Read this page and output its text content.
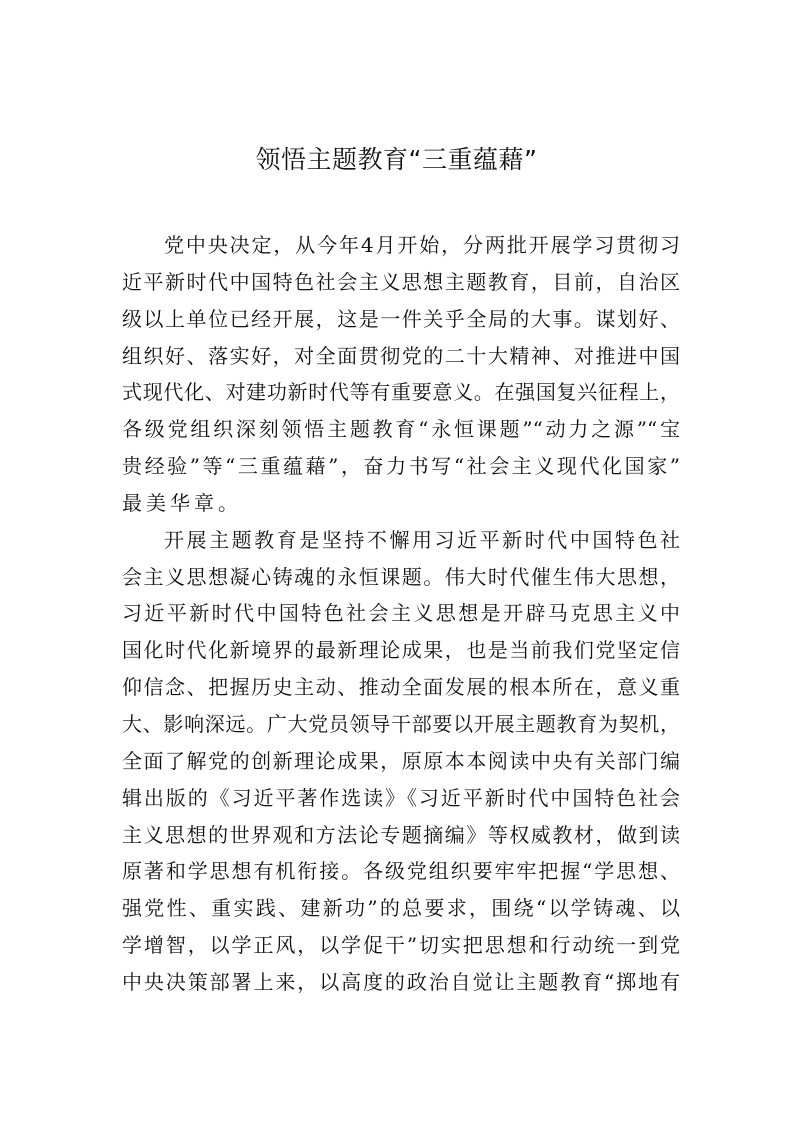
领悟主题教育“三重蕴藉”
党中央决定，从今年4月开始，分两批开展学习贯彻习
近平新时代中国特色社会主义思想主题教育，目前，自治区
级以上单位已经开展，这是一件关乎全局的大事。谋划好、
组织好、落实好，对全面贯彻党的二十大精神、对推进中国
式现代化、对建功新时代等有重要意义。在强国复兴征程上，
各级党组织深刻领悟主题教育“永恒课题”“动力之源”“宝
贵经验”等“三重蕴藉”，奋力书写“社会主义现代化国家”
最美华章。
开展主题教育是坚持不懈用习近平新时代中国特色社
会主义思想凝心铸魂的永恒课题。伟大时代催生伟大思想，
习近平新时代中国特色社会主义思想是开辟马克思主义中
国化时代化新境界的最新理论成果，也是当前我们党坚定信
仰信念、把握历史主动、推动全面发展的根本所在，意义重
大、影响深远。广大党员领导干部要以开展主题教育为契机，
全面了解党的创新理论成果，原原本本阅读中央有关部门编
辑出版的《习近平著作选读》《习近平新时代中国特色社会
主义思想的世界观和方法论专题摘编》等权威教材，做到读
原著和学思想有机衔接。各级党组织要牢牢把握“学思想、
强党性、重实践、建新功”的总要求，围绕“以学铸魂、以
学增智，以学正风，以学促干”切实把思想和行动统一到党
中央决策部署上来，以高度的政治自觉让主题教育“掷地有
